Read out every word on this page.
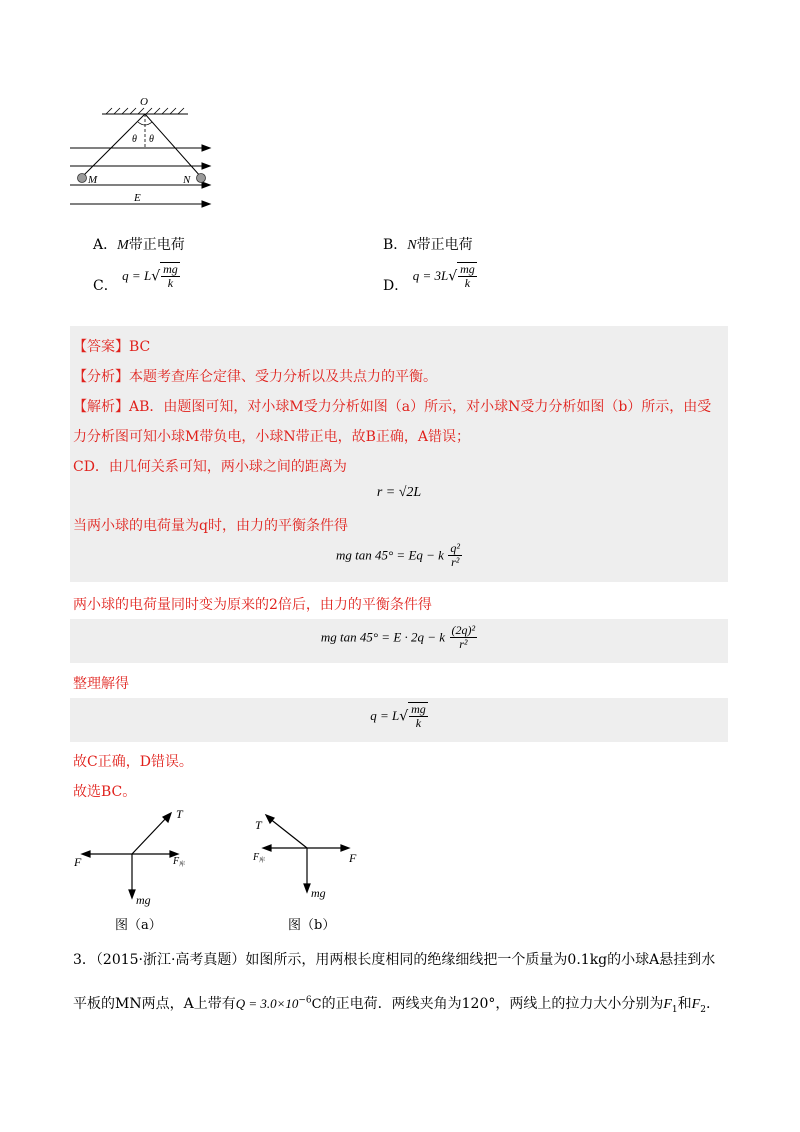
O
θ θ
M	N
E
A．M带正电荷	B．N带正电荷
C． $q = L√ \frac{mg}{k}$	D． $q = 3L√ \frac{mg}{k}$
【答案】BC
【分析】本题考查库仑定律、受力分析以及共点力的平衡。
【解析】AB．由题图可知，对小球M受力分析如图（a）所示，对小球N受力分析如图（b）所示，由受
力分析图可知小球M带负电，小球N带正电，故B正确，A错误；
CD．由几何关系可知，两小球之间的距离为
r = √2L
当两小球的电荷量为q时，由力的平衡条件得
mg tan 45° = Eq − k $\frac{\text{q²}}{\text{r²}}$
两小球的电荷量同时变为原来的2倍后，由力的平衡条件得
mg tan 45° = E · 2q − k $\frac{\text{(2q)²}}{\text{r²}}$
整理解得
$q = L√ \frac{mg}{k}$
故C正确，D错误。
故选BC。
T
F	$F_库$
mg
图（a）
T
$F_库$	F
mg
图（b）
3．（2015·浙江·高考真题）如图所示，用两根长度相同的绝缘细线把一个质量为0.1kg的小球A悬挂到水
平板的MN两点，A上带有$Q = 3.0\times 10^{-6}C$的正电荷．两线夹角为120°，两线上的拉力大小分别为$F_1$和$F_2$.
